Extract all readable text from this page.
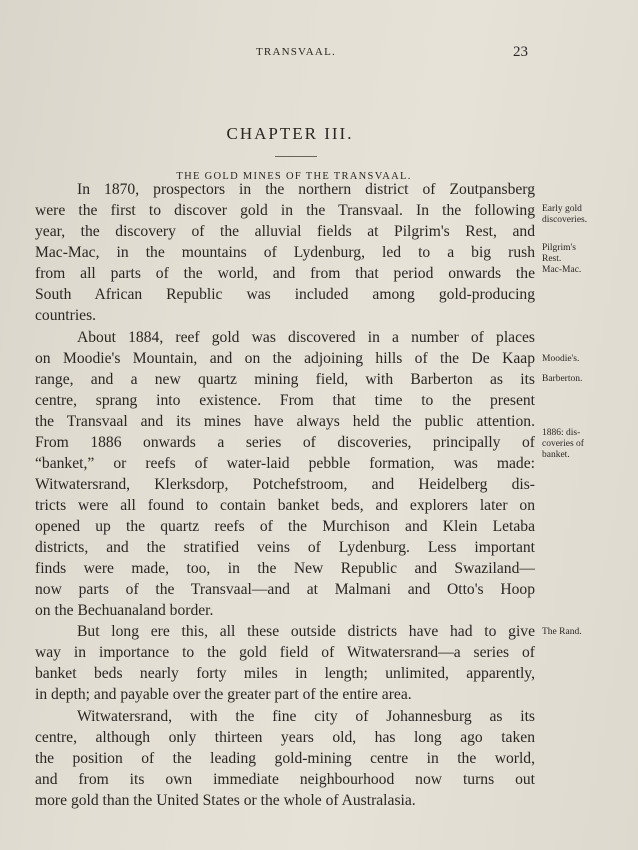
TRANSVAAL.	23
CHAPTER III.
THE GOLD MINES OF THE TRANSVAAL.
In 1870, prospectors in the northern district of Zoutpansberg
were the first to discover gold in the Transvaal. In the following
year, the discovery of the alluvial fields at Pilgrim's Rest, and
Mac-Mac, in the mountains of Lydenburg, led to a big rush
from all parts of the world, and from that period onwards the
South African Republic was included among gold-producing
countries.
About 1884, reef gold was discovered in a number of places
on Moodie's Mountain, and on the adjoining hills of the De Kaap
range, and a new quartz mining field, with Barberton as its
centre, sprang into existence. From that time to the present
the Transvaal and its mines have always held the public attention.
From 1886 onwards a series of discoveries, principally of
“banket,” or reefs of water-laid pebble formation, was made:
Witwatersrand, Klerksdorp, Potchefstroom, and Heidelberg dis-
tricts were all found to contain banket beds, and explorers later on
opened up the quartz reefs of the Murchison and Klein Letaba
districts, and the stratified veins of Lydenburg. Less important
finds were made, too, in the New Republic and Swaziland—
now parts of the Transvaal—and at Malmani and Otto's Hoop
on the Bechuanaland border.
But long ere this, all these outside districts have had to give
way in importance to the gold field of Witwatersrand—a series of
banket beds nearly forty miles in length; unlimited, apparently,
in depth; and payable over the greater part of the entire area.
Witwatersrand, with the fine city of Johannesburg as its
centre, although only thirteen years old, has long ago taken
the position of the leading gold-mining centre in the world,
and from its own immediate neighbourhood now turns out
more gold than the United States or the whole of Australasia.
Early gold
discoveries.
Pilgrim's
Rest.
Mac-Mac.
Moodie's.
Barberton.
1886: dis-
coveries of
banket.
The Rand.
